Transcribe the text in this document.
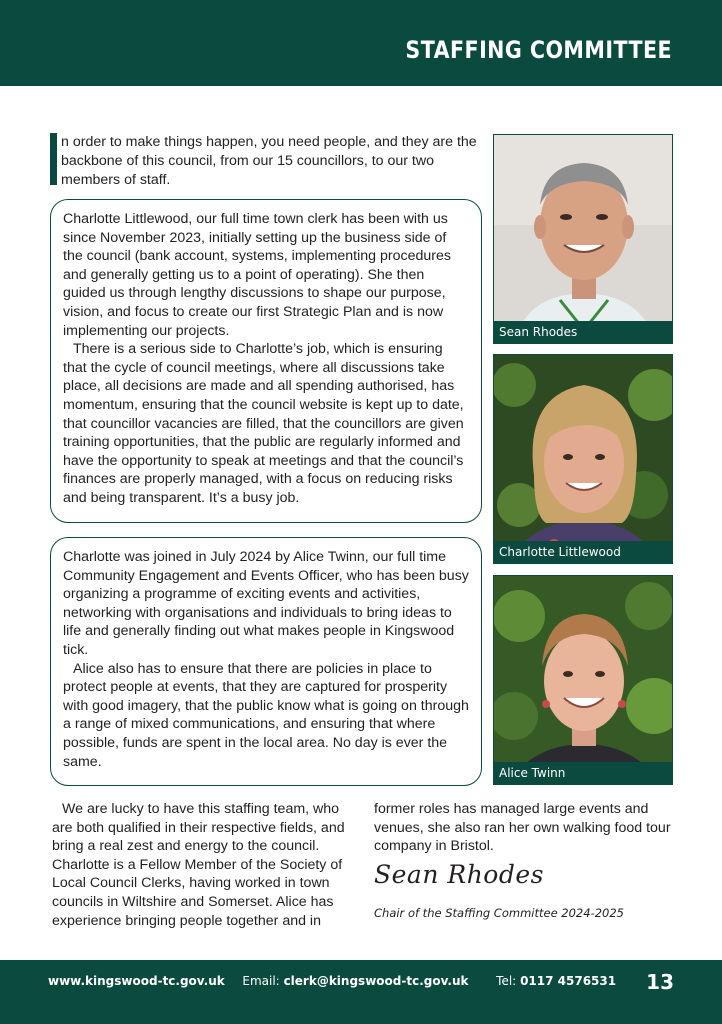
STAFFING COMMITTEE
n order to make things happen, you need people, and they are the backbone of this council, from our 15 councillors, to our two members of staff.

Charlotte Littlewood, our full time town clerk has been with us since November 2023, initially setting up the business side of the council (bank account, systems, implementing procedures and generally getting us to a point of operating). She then guided us through lengthy discussions to shape our purpose, vision, and focus to create our first Strategic Plan and is now implementing our projects.

There is a serious side to Charlotte’s job, which is ensuring that the cycle of council meetings, where all discussions take place, all decisions are made and all spending authorised, has momentum, ensuring that the council website is kept up to date, that councillor vacancies are filled, that the councillors are given training opportunities, that the public are regularly informed and have the opportunity to speak at meetings and that the council’s finances are properly managed, with a focus on reducing risks and being transparent. It’s a busy job.

Charlotte was joined in July 2024 by Alice Twinn, our full time Community Engagement and Events Officer, who has been busy organizing a programme of exciting events and activities, networking with organisations and individuals to bring ideas to life and generally finding out what makes people in Kingswood tick.

Alice also has to ensure that there are policies in place to protect people at events, that they are captured for prosperity with good imagery, that the public know what is going on through a range of mixed communications, and ensuring that where possible, funds are spent in the local area. No day is ever the same.

Sean Rhodes
Charlotte Littlewood
Alice Twinn
We are lucky to have this staffing team, who are both qualified in their respective fields, and bring a real zest and energy to the council. Charlotte is a Fellow Member of the Society of Local Council Clerks, having worked in town councils in Wiltshire and Somerset. Alice has experience bringing people together and in
former roles has managed large events and venues, she also ran her own walking food tour company in Bristol.
Sean Rhodes
Chair of the Staffing Committee 2024-2025
www.kingswood-tc.gov.uk Email: clerk@kingswood-tc.gov.uk Tel: 0117 4576531 13
